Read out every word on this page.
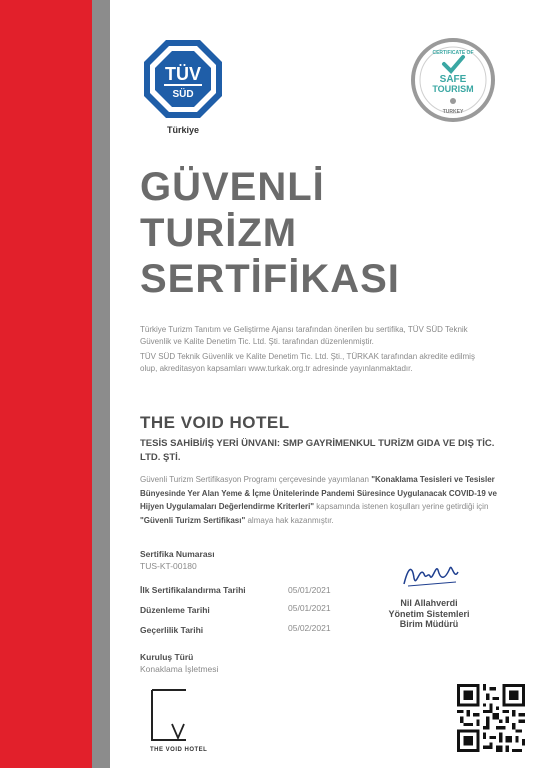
TÜV
SÜD
Türkiye
CERTIFICATE OF
SAFE
TOURISM
TURKEY
GÜVENLİ
TURİZM
SERTİFİKASI

Türkiye Turizm Tanıtım ve Geliştirme Ajansı tarafından önerilen bu sertifika, TÜV SÜD Teknik Güvenlik ve Kalite Denetim Tic. Ltd. Şti. tarafından düzenlenmiştir.

TÜV SÜD Teknik Güvenlik ve Kalite Denetim Tic. Ltd. Şti., TÜRKAK tarafından akredite edilmiş olup, akreditasyon kapsamları www.turkak.org.tr adresinde yayınlanmaktadır.

THE VOID HOTEL
TESİS SAHİBİ/İŞ YERİ ÜNVANI: SMP GAYRİMENKUL TURİZM GIDA VE DIŞ TİC. LTD. ŞTİ.
Güvenli Turizm Sertifikasyon Programı çerçevesinde yayımlanan "Konaklama Tesisleri ve Tesisler Bünyesinde Yer Alan Yeme & İçme Ünitelerinde Pandemi Süresince Uygulanacak COVID-19 ve Hijyen Uygulamaları Değerlendirme Kriterleri" kapsamında istenen koşulları yerine getirdiği için "Güvenli Turizm Sertifikası" almaya hak kazanmıştır.
Sertifika Numarası
TUS-KT-00180
İlk Sertifikalandırma Tarihi	05/01/2021
Düzenleme Tarihi	05/01/2021
Geçerlilik Tarihi	05/02/2021
Kuruluş Türü
Konaklama İşletmesi
Nil Allahverdi
Yönetim Sistemleri
Birim Müdürü
THE VOID HOTEL
